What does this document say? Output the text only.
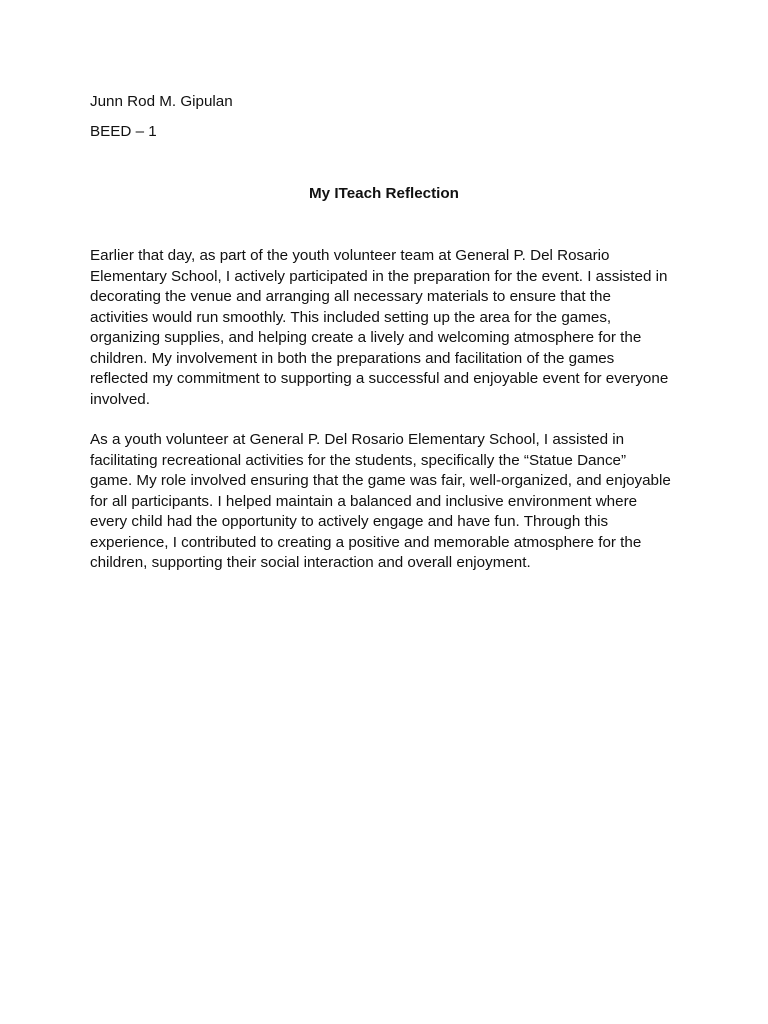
Junn Rod M. Gipulan

BEED – 1

My ITeach Reflection

Earlier that day, as part of the youth volunteer team at General P. Del Rosario Elementary School, I actively participated in the preparation for the event. I assisted in decorating the venue and arranging all necessary materials to ensure that the activities would run smoothly. This included setting up the area for the games, organizing supplies, and helping create a lively and welcoming atmosphere for the children. My involvement in both the preparations and facilitation of the games reflected my commitment to supporting a successful and enjoyable event for everyone involved.

As a youth volunteer at General P. Del Rosario Elementary School, I assisted in facilitating recreational activities for the students, specifically the “Statue Dance” game. My role involved ensuring that the game was fair, well-organized, and enjoyable for all participants. I helped maintain a balanced and inclusive environment where every child had the opportunity to actively engage and have fun. Through this experience, I contributed to creating a positive and memorable atmosphere for the children, supporting their social interaction and overall enjoyment.
